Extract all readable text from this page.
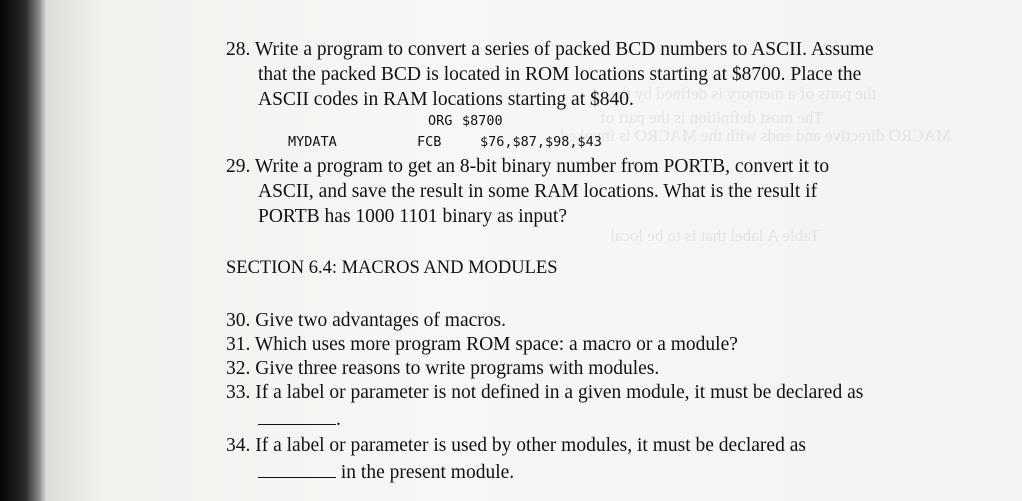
28. Write a program to convert a series of packed BCD numbers to ASCII. Assume
that the packed BCD is located in ROM locations starting at $8700. Place the
ASCII codes in RAM locations starting at $840.
ORG $8700
MYDATA	FCB	$76,$87,$98,$43
29. Write a program to get an 8-bit binary number from PORTB, convert it to
ASCII, and save the result in some RAM locations. What is the result if
PORTB has 1000 1101 binary as input?
SECTION 6.4: MACROS AND MODULES
30. Give two advantages of macros.
31. Which uses more program ROM space: a macro or a module?
32. Give three reasons to write programs with modules.
33. If a label or parameter is not defined in a given module, it must be declared as
.
34. If a label or parameter is used by other modules, it must be declared as
in the present module.
